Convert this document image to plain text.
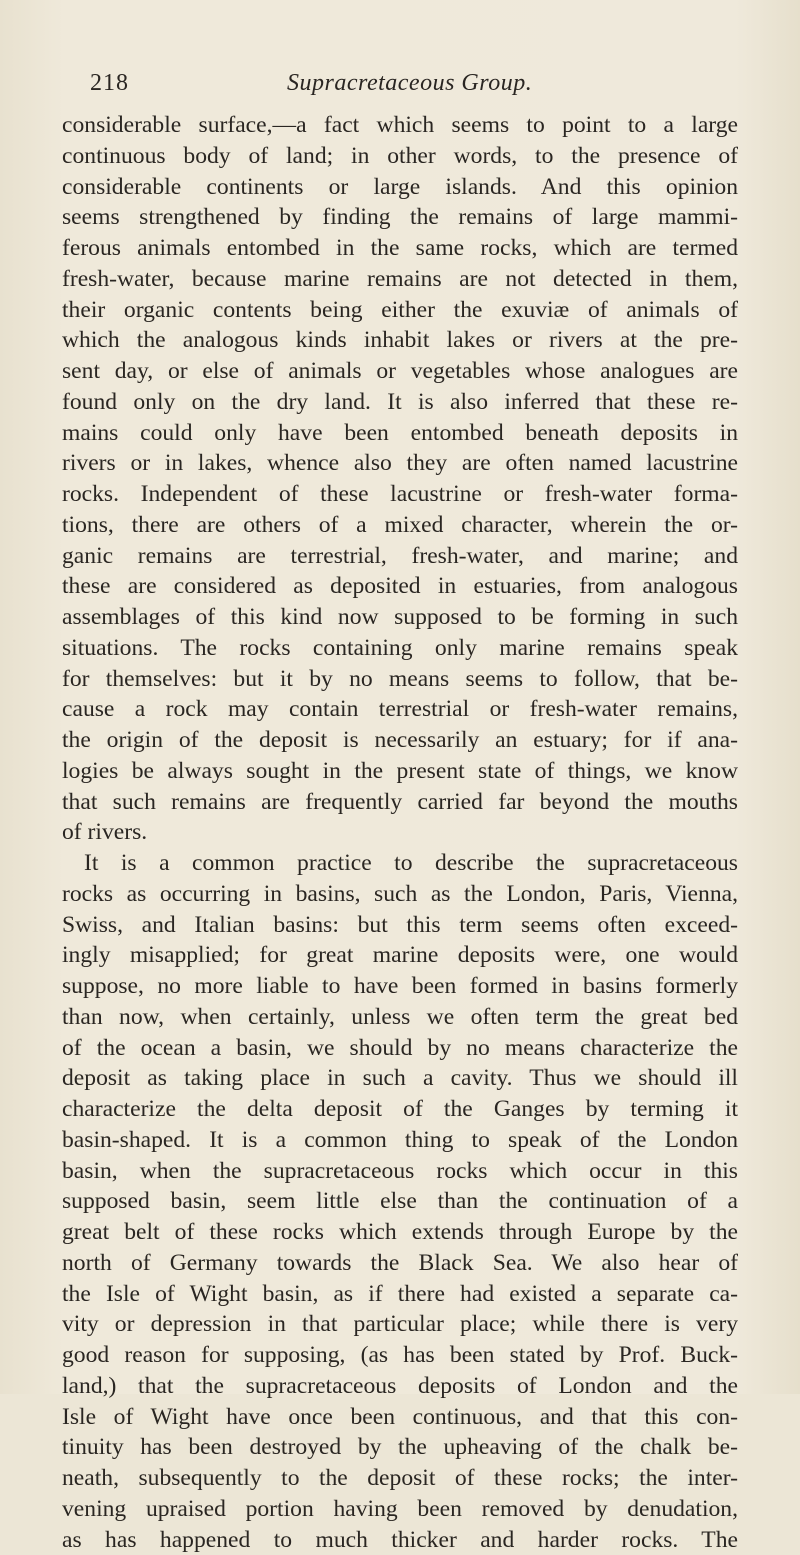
218	Supracretaceous Group.
considerable surface,—a fact which seems to point to a large
continuous body of land; in other words, to the presence of
considerable continents or large islands. And this opinion
seems strengthened by finding the remains of large mammi-
ferous animals entombed in the same rocks, which are termed
fresh-water, because marine remains are not detected in them,
their organic contents being either the exuviæ of animals of
which the analogous kinds inhabit lakes or rivers at the pre-
sent day, or else of animals or vegetables whose analogues are
found only on the dry land. It is also inferred that these re-
mains could only have been entombed beneath deposits in
rivers or in lakes, whence also they are often named lacustrine
rocks. Independent of these lacustrine or fresh-water forma-
tions, there are others of a mixed character, wherein the or-
ganic remains are terrestrial, fresh-water, and marine; and
these are considered as deposited in estuaries, from analogous
assemblages of this kind now supposed to be forming in such
situations. The rocks containing only marine remains speak
for themselves: but it by no means seems to follow, that be-
cause a rock may contain terrestrial or fresh-water remains,
the origin of the deposit is necessarily an estuary; for if ana-
logies be always sought in the present state of things, we know
that such remains are frequently carried far beyond the mouths
of rivers.
It is a common practice to describe the supracretaceous
rocks as occurring in basins, such as the London, Paris, Vienna,
Swiss, and Italian basins: but this term seems often exceed-
ingly misapplied; for great marine deposits were, one would
suppose, no more liable to have been formed in basins formerly
than now, when certainly, unless we often term the great bed
of the ocean a basin, we should by no means characterize the
deposit as taking place in such a cavity. Thus we should ill
characterize the delta deposit of the Ganges by terming it
basin-shaped. It is a common thing to speak of the London
basin, when the supracretaceous rocks which occur in this
supposed basin, seem little else than the continuation of a
great belt of these rocks which extends through Europe by the
north of Germany towards the Black Sea. We also hear of
the Isle of Wight basin, as if there had existed a separate ca-
vity or depression in that particular place; while there is very
good reason for supposing, (as has been stated by Prof. Buck-
land,) that the supracretaceous deposits of London and the
Isle of Wight have once been continuous, and that this con-
tinuity has been destroyed by the upheaving of the chalk be-
neath, subsequently to the deposit of these rocks; the inter-
vening upraised portion having been removed by denudation,
as has happened to much thicker and harder rocks. The
